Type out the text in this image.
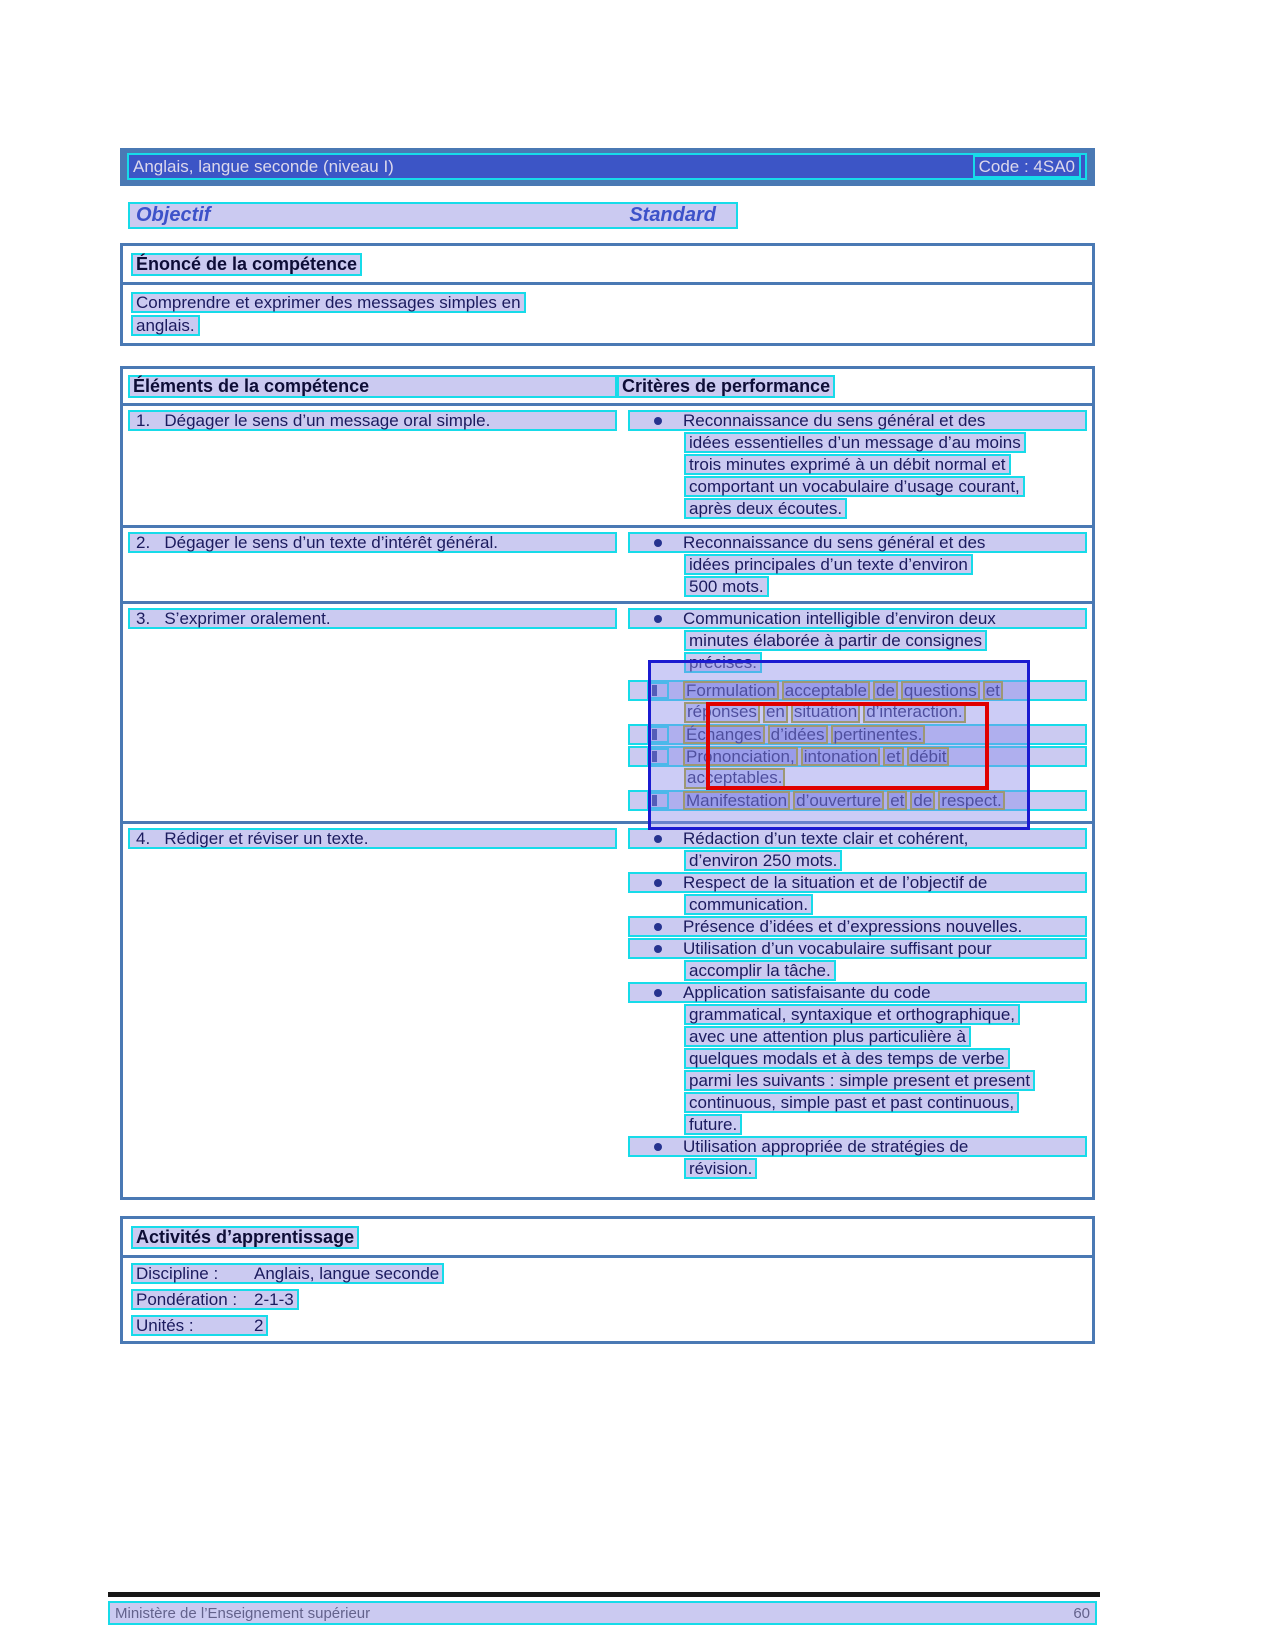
Anglais, langue seconde (niveau I)	Code : 4SA0
Objectif	Standard
Énoncé de la compétence
Comprendre et exprimer des messages simples en
anglais.
Éléments de la compétence	Critères de performance
1.   Dégager le sens d’un message oral simple.	Reconnaissance du sens général et des
idées essentielles d’un message d’au moins
trois minutes exprimé à un débit normal et
comportant un vocabulaire d’usage courant,
après deux écoutes.
2.   Dégager le sens d’un texte d’intérêt général.	Reconnaissance du sens général et des
idées principales d’un texte d’environ
500 mots.
3.   S’exprimer oralement.	Communication intelligible d’environ deux
minutes élaborée à partir de consignes
précises.
Formulation acceptable de questions et
réponses en situation d’interaction.
Échanges d’idées pertinentes.
Prononciation, intonation et débit
acceptables.
Manifestation d’ouverture et de respect.
4.   Rédiger et réviser un texte.	Rédaction d’un texte clair et cohérent,
d’environ 250 mots.
Respect de la situation et de l’objectif de
communication.
Présence d’idées et d’expressions nouvelles.
Utilisation d’un vocabulaire suffisant pour
accomplir la tâche.
Application satisfaisante du code
grammatical, syntaxique et orthographique,
avec une attention plus particulière à
quelques modals et à des temps de verbe
parmi les suivants : simple present et present
continuous, simple past et past continuous,
future.
Utilisation appropriée de stratégies de
révision.
Activités d’apprentissage
Discipline :	Anglais, langue seconde
Pondération : 2-1-3
Unités :	2
Ministère de l’Enseignement supérieur	60
